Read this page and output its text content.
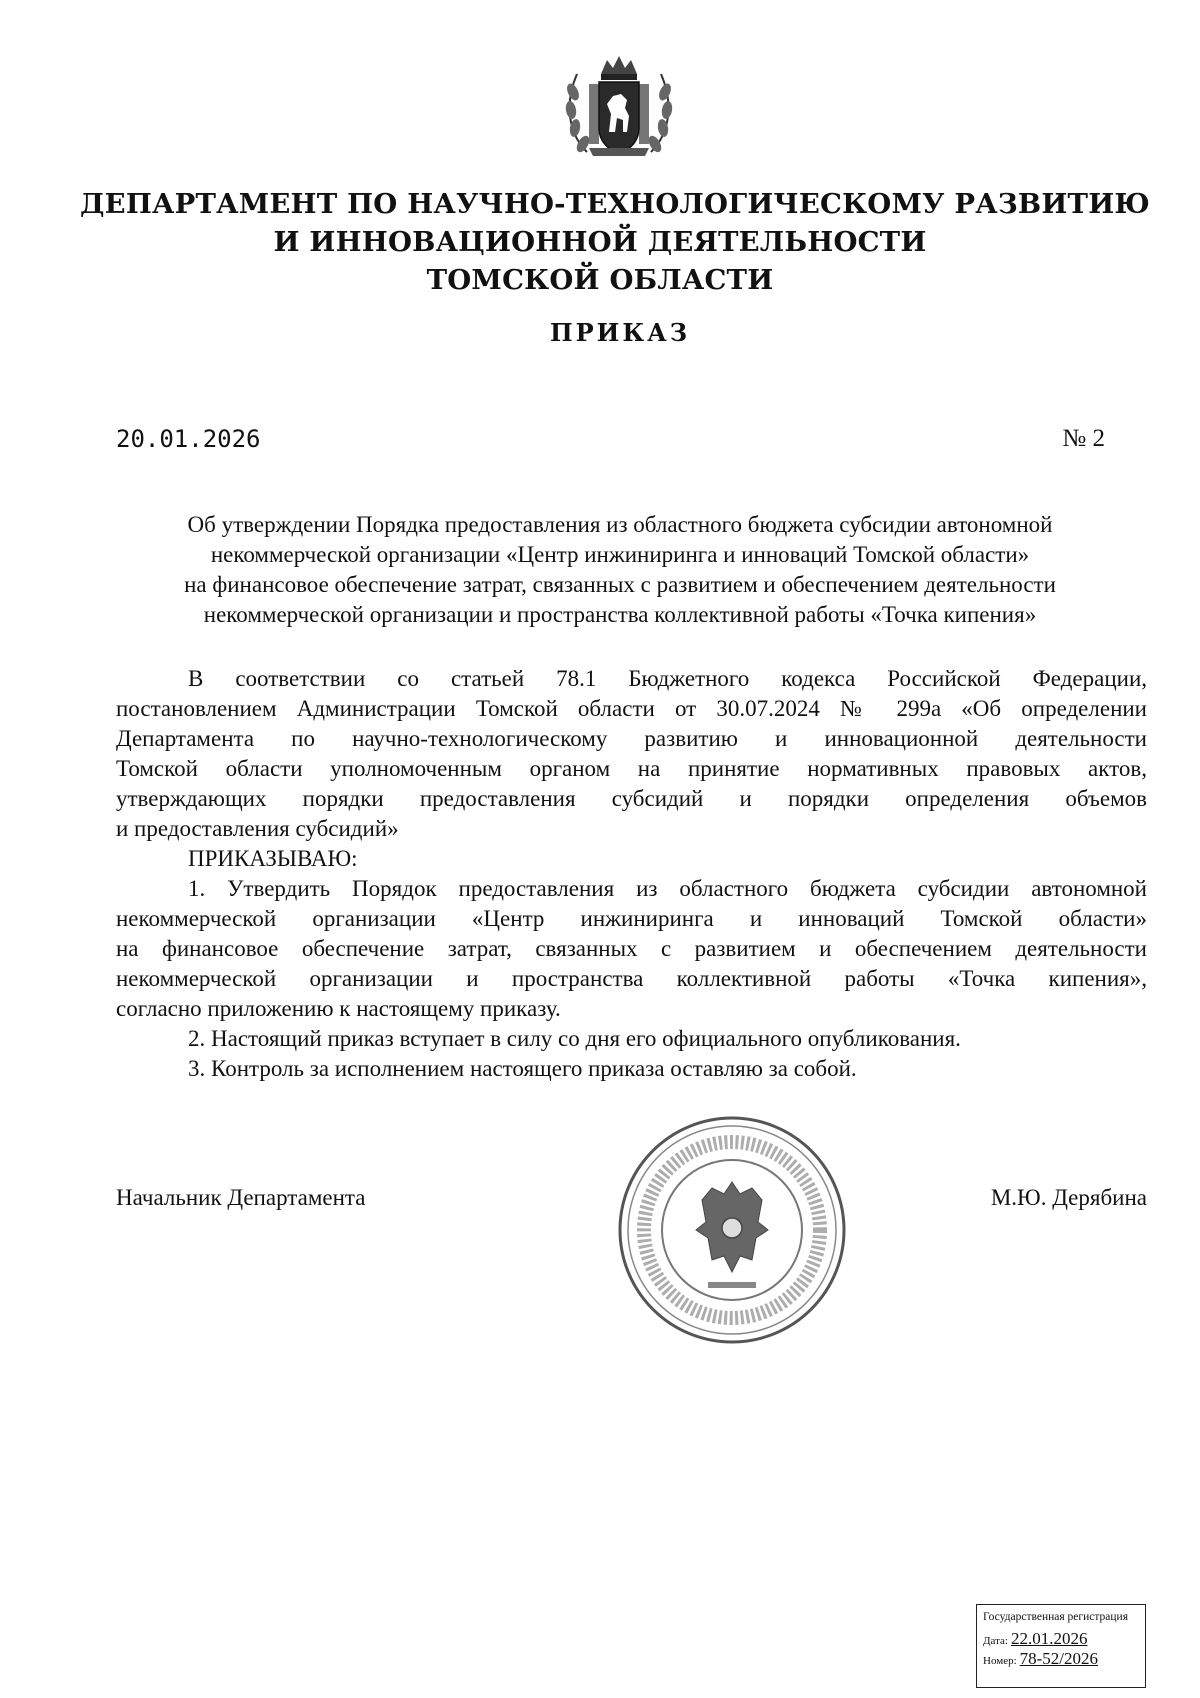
ДЕПАРТАМЕНТ ПО НАУЧНО-ТЕХНОЛОГИЧЕСКОМУ РАЗВИТИЮ
И ИННОВАЦИОННОЙ ДЕЯТЕЛЬНОСТИ
ТОМСКОЙ ОБЛАСТИ
ПРИКАЗ
20.01.2026	№ 2
Об утверждении Порядка предоставления из областного бюджета субсидии автономной
некоммерческой организации «Центр инжиниринга и инноваций Томской области»
на финансовое обеспечение затрат, связанных с развитием и обеспечением деятельности
некоммерческой организации и пространства коллективной работы «Точка кипения»
В соответствии со статьей 78.1 Бюджетного кодекса Российской Федерации,
постановлением Администрации Томской области от 30.07.2024 № 299а «Об определении
Департамента по научно-технологическому развитию и инновационной деятельности
Томской области уполномоченным органом на принятие нормативных правовых актов,
утверждающих порядки предоставления субсидий и порядки определения объемов
и предоставления субсидий»
ПРИКАЗЫВАЮ:
1. Утвердить Порядок предоставления из областного бюджета субсидии автономной
некоммерческой организации «Центр инжиниринга и инноваций Томской области»
на финансовое обеспечение затрат, связанных с развитием и обеспечением деятельности
некоммерческой организации и пространства коллективной работы «Точка кипения»,
согласно приложению к настоящему приказу.
2. Настоящий приказ вступает в силу со дня его официального опубликования.
3. Контроль за исполнением настоящего приказа оставляю за собой.
Начальник Департамента	М.Ю. Дерябина
Государственная регистрация
Дата: 22.01.2026
Номер: 78-52/2026
